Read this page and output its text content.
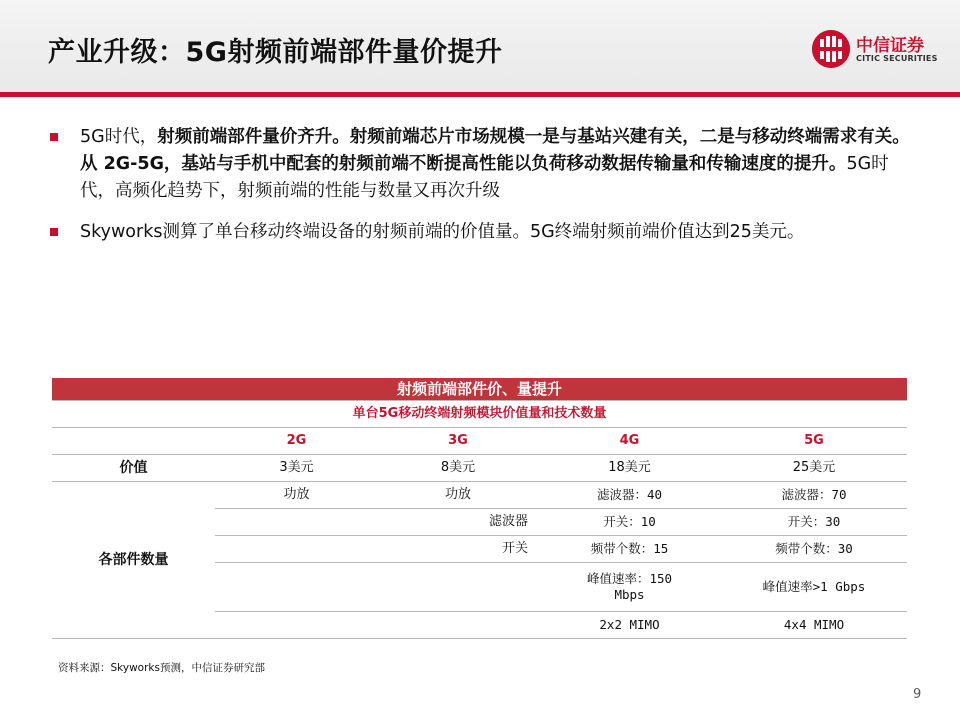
产业升级：5G射频前端部件量价提升	中信证券
CITIC SECURITIES
5G时代，射频前端部件量价齐升。射频前端芯片市场规模一是与基站兴建有关，二是与移动终端需求有关。从 2G-5G，基站与手机中配套的射频前端不断提高性能以负荷移动数据传输量和传输速度的提升。5G时代，高频化趋势下，射频前端的性能与数量又再次升级
Skyworks测算了单台移动终端设备的射频前端的价值量。5G终端射频前端价值达到25美元。
射频前端部件价、量提升				
单台5G移动终端射频模块价值量和技术数量				
	2G	3G	4G	5G
价值	3美元	8美元	18美元	25美元
各部件数量	功放	功放	滤波器：40	滤波器：70
		滤波器	开关：10	开关：30
		开关	频带个数：15	频带个数：30
			峰值速率：150 Mbps	峰值速率>1 Gbps
			2x2 MIMO	4x4 MIMO
资料来源：Skyworks预测，中信证券研究部
9
